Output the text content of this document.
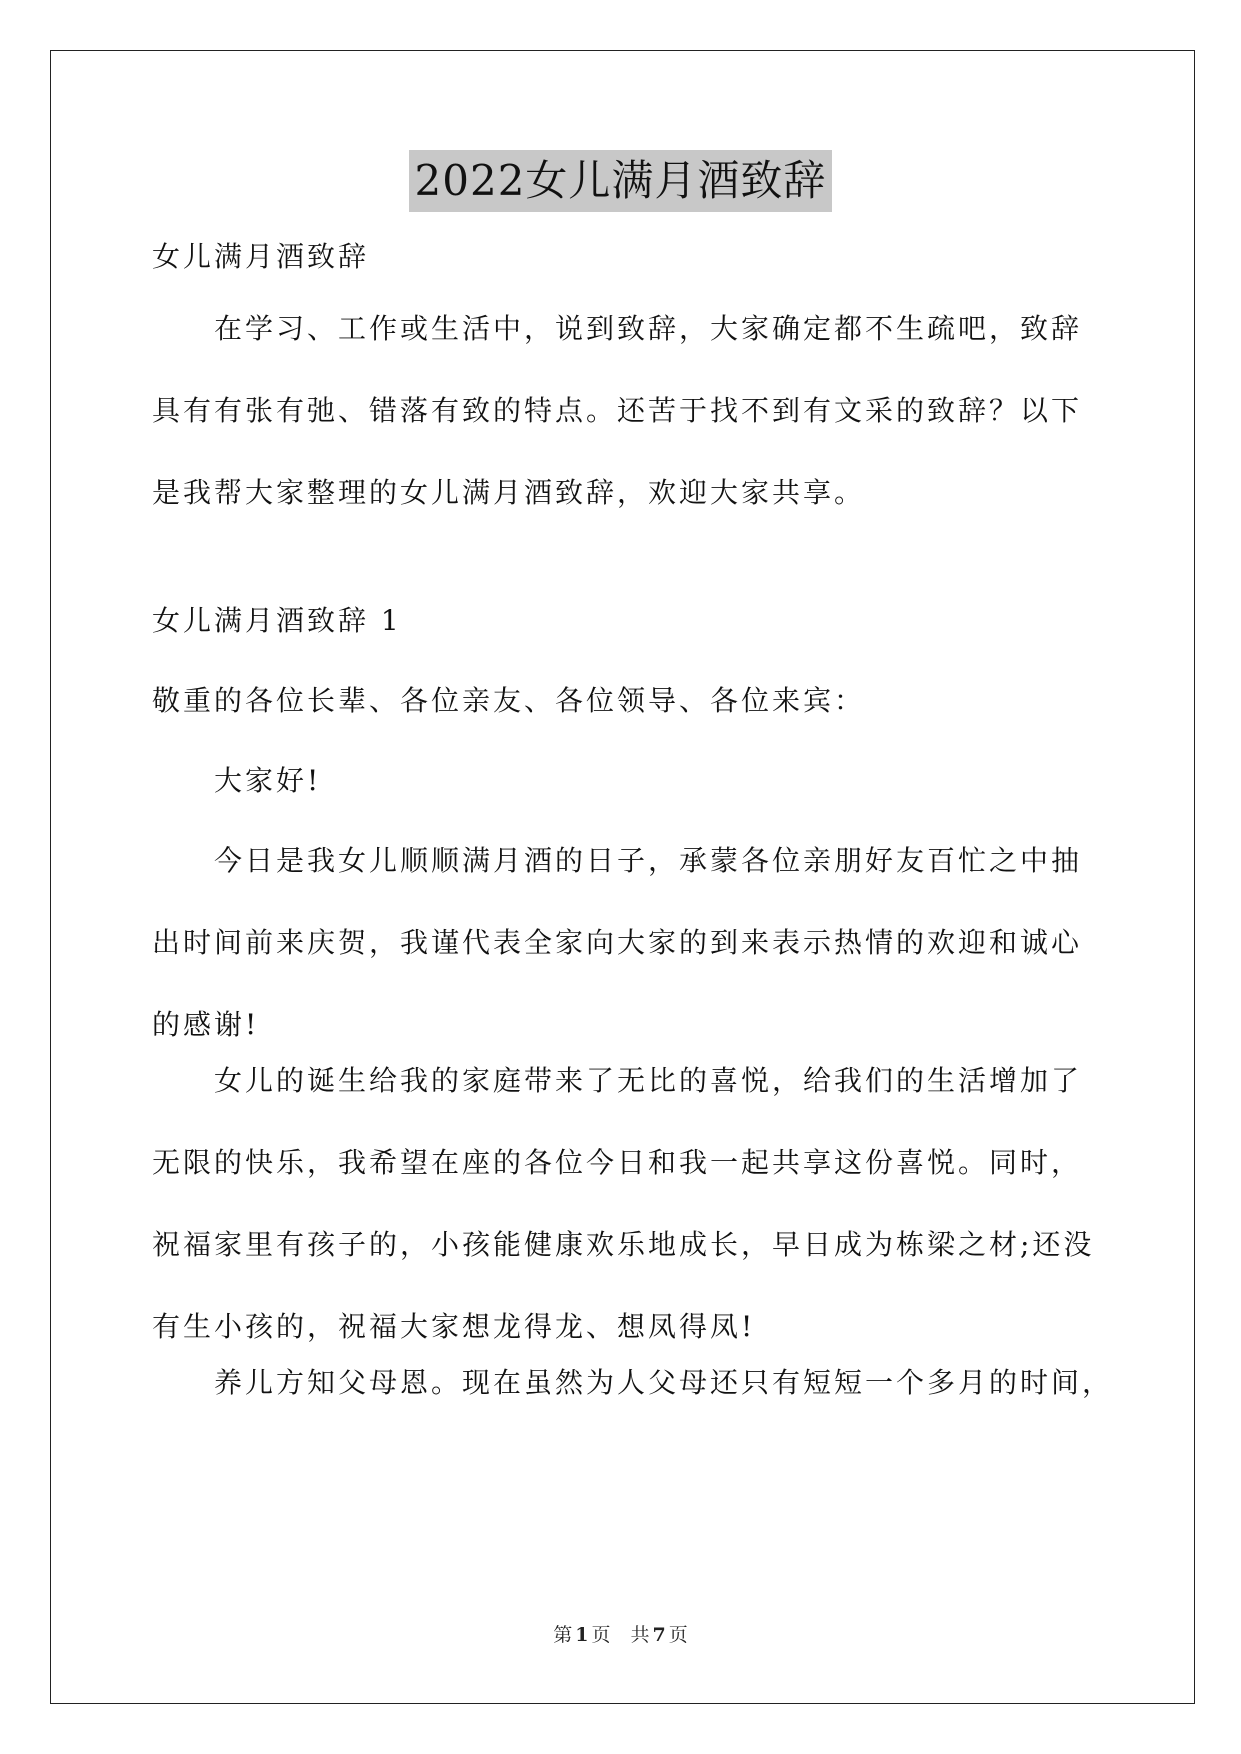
2022女儿满月酒致辞
女儿满月酒致辞
在学习、工作或生活中，说到致辞，大家确定都不生疏吧，致辞
具有有张有弛、错落有致的特点。还苦于找不到有文采的致辞？以下
是我帮大家整理的女儿满月酒致辞，欢迎大家共享。
女儿满月酒致辞 1
敬重的各位长辈、各位亲友、各位领导、各位来宾：
大家好!
今日是我女儿顺顺满月酒的日子，承蒙各位亲朋好友百忙之中抽
出时间前来庆贺，我谨代表全家向大家的到来表示热情的欢迎和诚心
的感谢!
女儿的诞生给我的家庭带来了无比的喜悦，给我们的生活增加了
无限的快乐，我希望在座的各位今日和我一起共享这份喜悦。同时，
祝福家里有孩子的，小孩能健康欢乐地成长，早日成为栋梁之材;还没
有生小孩的，祝福大家想龙得龙、想凤得凤!
养儿方知父母恩。现在虽然为人父母还只有短短一个多月的时间，
第 1 页 共 7 页
